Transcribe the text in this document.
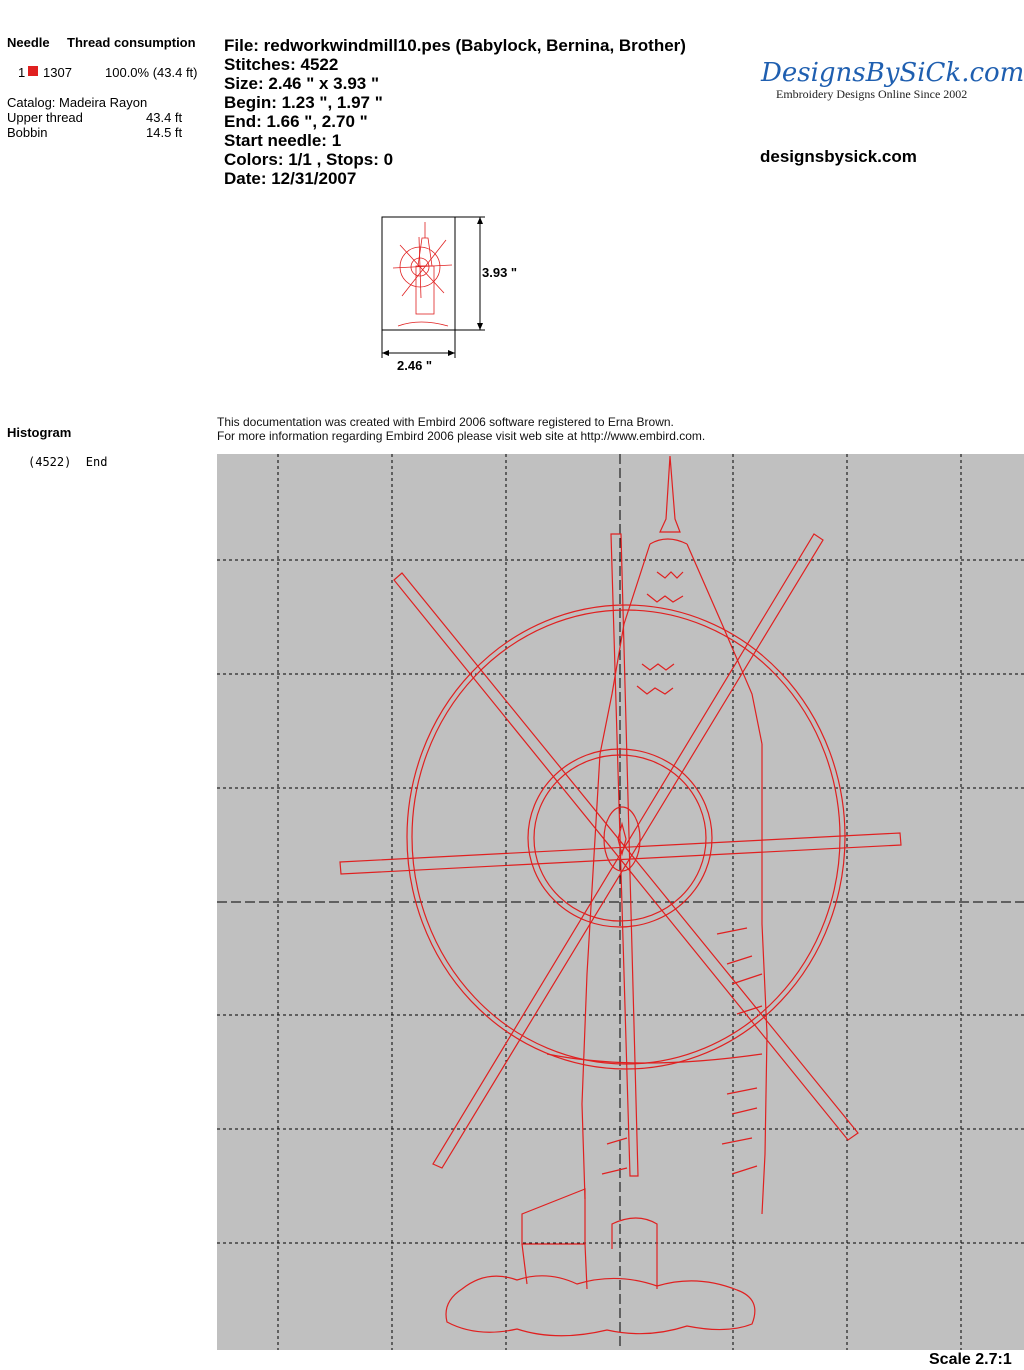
Needle Thread consumption
1 1307	100.0% (43.4 ft)
Catalog: Madeira Rayon
Upper thread	43.4 ft
Bobbin	14.5 ft
File: redworkwindmill10.pes (Babylock, Bernina, Brother)
Stitches: 4522
Size: 2.46 " x 3.93 "
Begin: 1.23 ", 1.97 "
End: 1.66 ", 2.70 "
Start needle: 1
Colors: 1/1 , Stops: 0
Date: 12/31/2007
DesignsBySiCk.com
Embroidery Designs Online Since 2002
designsbysick.com
3.93 "
2.46 "
Histogram
(4522)  End
This documentation was created with Embird 2006 software registered to Erna Brown.
For more information regarding Embird 2006 please visit web site at http://www.embird.com.
Scale 2.7:1
